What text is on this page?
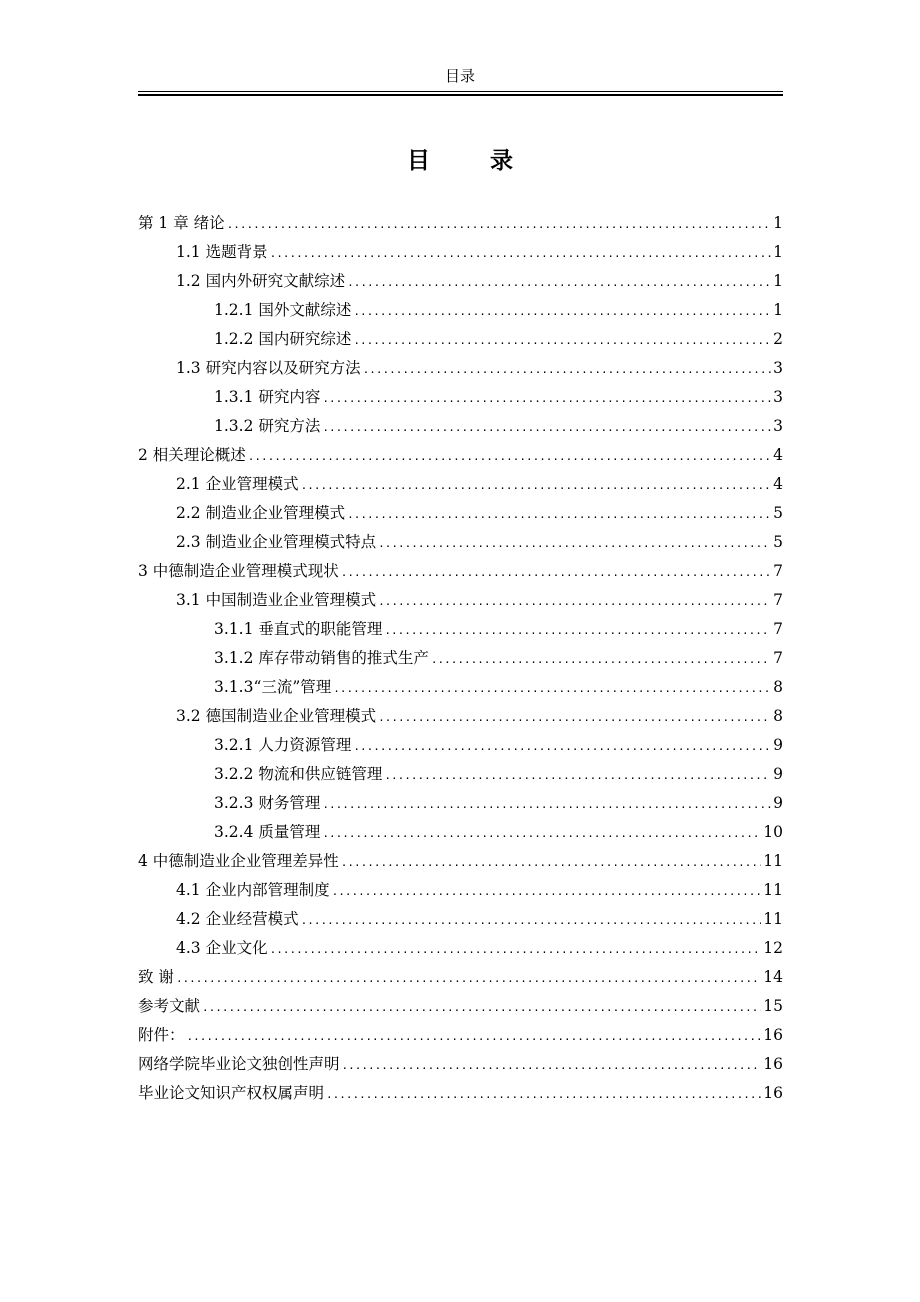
目录
目 录
第 1 章 绪论 .....	1
1.1 选题背景 .....	1
1.2 国内外研究文献综述 .....	1
1.2.1 国外文献综述 .....	1
1.2.2 国内研究综述 .....	2
1.3 研究内容以及研究方法 .....	3
1.3.1 研究内容 .....	3
1.3.2 研究方法 .....	3
2 相关理论概述 .....	4
2.1 企业管理模式 .....	4
2.2 制造业企业管理模式 .....	5
2.3 制造业企业管理模式特点 .....	5
3 中德制造企业管理模式现状 .....	7
3.1 中国制造业企业管理模式 .....	7
3.1.1 垂直式的职能管理 .....	7
3.1.2 库存带动销售的推式生产 .....	7
3.1.3“三流”管理 .....	8
3.2 德国制造业企业管理模式 .....	8
3.2.1 人力资源管理 .....	9
3.2.2 物流和供应链管理 .....	9
3.2.3 财务管理 .....	9
3.2.4 质量管理 .....	10
4 中德制造业企业管理差异性 .....	11
4.1 企业内部管理制度 .....	11
4.2 企业经营模式 .....	11
4.3 企业文化 .....	12
致 谢 .....	14
参考文献 .....	15
附件： .....	16
网络学院毕业论文独创性声明 .....	16
毕业论文知识产权权属声明 .....	16
